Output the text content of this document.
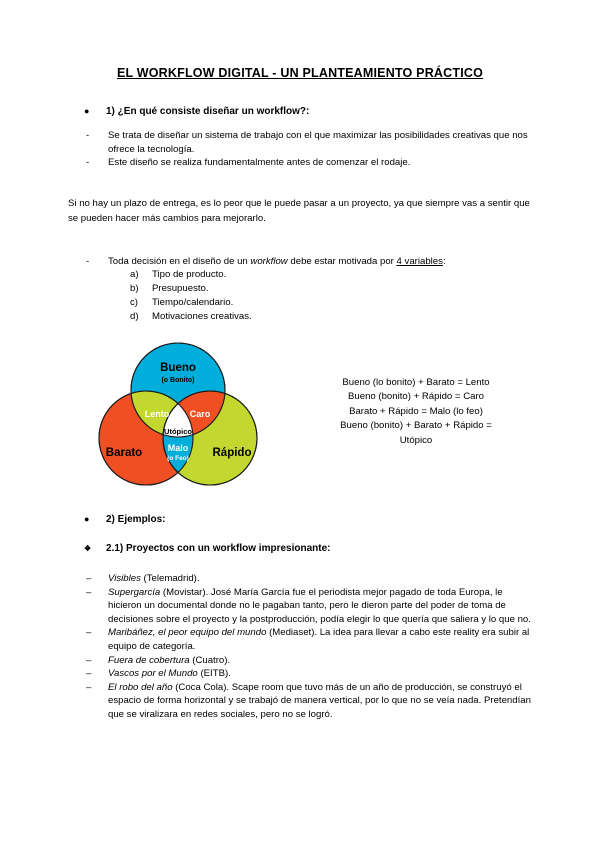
EL WORKFLOW DIGITAL - UN PLANTEAMIENTO PRÁCTICO
●	1) ¿En qué consiste diseñar un workflow?:
-	Se trata de diseñar un sistema de trabajo con el que maximizar las posibilidades creativas que nos ofrece la tecnología.
-	Este diseño se realiza fundamentalmente antes de comenzar el rodaje.

Si no hay un plazo de entrega, es lo peor que le puede pasar a un proyecto, ya que siempre vas a sentir que se pueden hacer más cambios para mejorarlo.

-	Toda decisión en el diseño de un workflow debe estar motivada por 4 variables:
a)	Tipo de producto.
b)	Presupuesto.
c)	Tiempo/calendario.
d)	Motivaciones creativas.
Bueno
(o Bonito)
Barato	Rápido
Lento Caro
Malo
(o Feo)
Utópico
Bueno (lo bonito) + Barato = Lento
Bueno (bonito) + Rápido = Caro
Barato + Rápido = Malo (lo feo)
Bueno (bonito) + Barato + Rápido =
Utópico
●	2) Ejemplos:
❖	2.1) Proyectos con un workflow impresionante:
–	Visibles (Telemadrid).
–	Supergarcía (Movistar). José María García fue el periodista mejor pagado de toda Europa, le hicieron un documental donde no le pagaban tanto, pero le dieron parte del poder de toma de decisiones sobre el proyecto y la postproducción, podía elegir lo que quería que saliera y lo que no.
–	Maribáñez, el peor equipo del mundo (Mediaset). La idea para llevar a cabo este reality era subir al equipo de categoría.
–	Fuera de cobertura (Cuatro).
–	Vascos por el Mundo (EITB).
–	El robo del año (Coca Cola). Scape room que tuvo más de un año de producción, se construyó el espacio de forma horizontal y se trabajó de manera vertical, por lo que no se veía nada. Pretendían que se viralizara en redes sociales, pero no se logró.
